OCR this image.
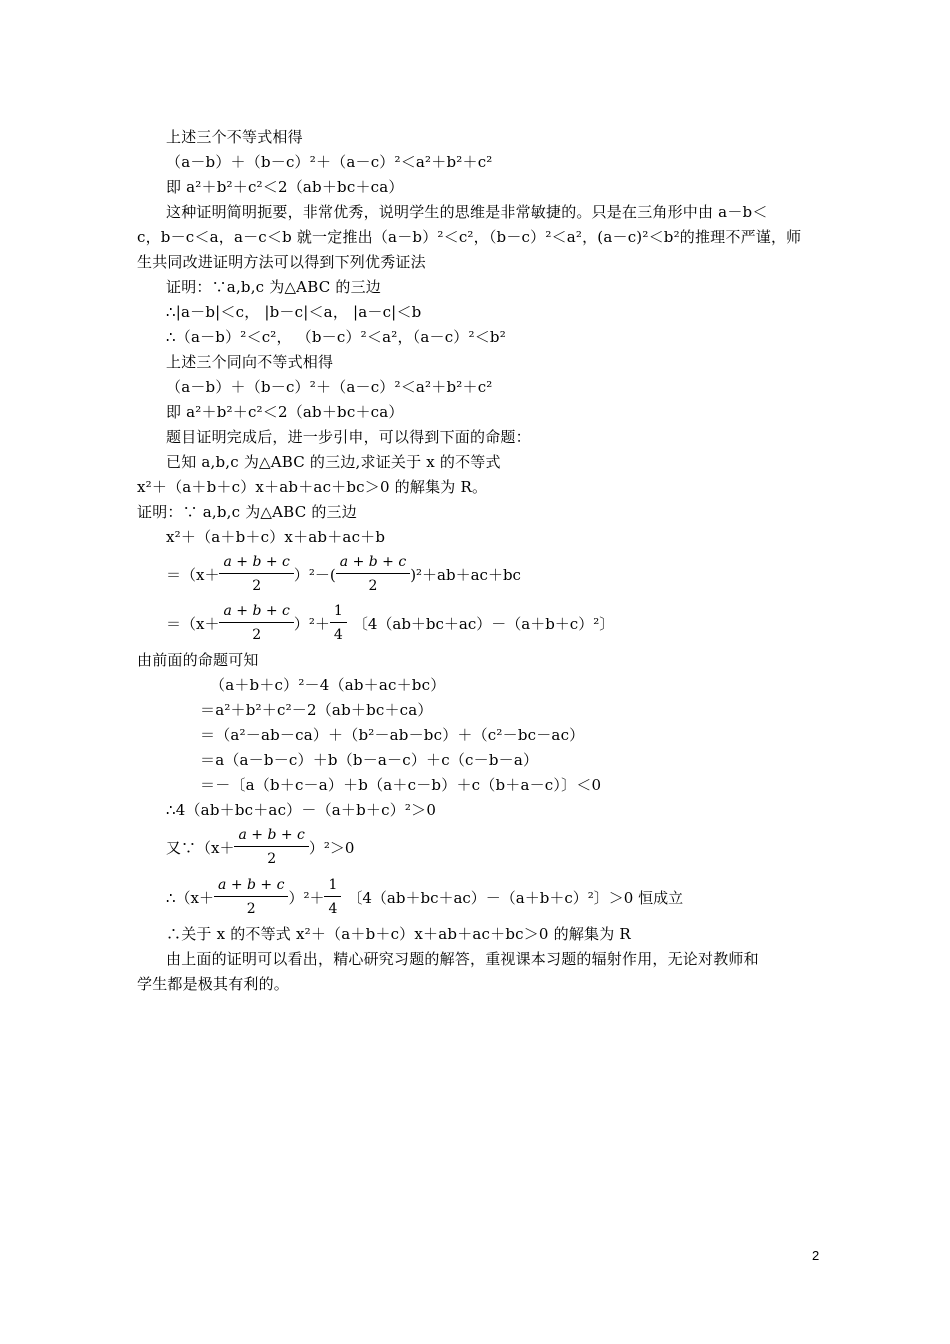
上述三个不等式相得
（a－b）＋（b－c）²＋（a－c）²＜a²＋b²＋c²
即 a²＋b²＋c²＜2（ab＋bc＋ca）
这种证明简明扼要，非常优秀，说明学生的思维是非常敏捷的。只是在三角形中由 a－b＜
c，b－c＜a，a－c＜b 就一定推出（a－b）²＜c²，（b－c）²＜a²，(a－c)²＜b²的推理不严谨，师
生共同改进证明方法可以得到下列优秀证法
证明：∵a,b,c 为△ABC 的三边
∴|a－b|＜c， |b－c|＜a， |a－c|＜b
∴（a－b）²＜c²， （b－c）²＜a²，（a－c）²＜b²
上述三个同向不等式相得
（a－b）＋（b－c）²＋（a－c）²＜a²＋b²＋c²
即 a²＋b²＋c²＜2（ab＋bc＋ca）
题目证明完成后，进一步引申，可以得到下面的命题：
已知 a,b,c 为△ABC 的三边,求证关于 x 的不等式
x²＋（a＋b＋c）x＋ab＋ac＋bc＞0 的解集为 R。
证明：∵ a,b,c 为△ABC 的三边
x²＋（a＋b＋c）x＋ab＋ac＋b
$=(x+ \frac{a + b + c}{2} )^2-( \frac{a + b + c}{2} )^2+ab+ac+bc$
$=(x+ \frac{a + b + c}{2} )^2+ \frac{1}{4}$ 〔4（ab＋bc＋ac）－（a＋b＋c）²〕
由前面的命题可知
（a＋b＋c）²－4（ab＋ac＋bc）
＝a²＋b²＋c²－2（ab＋bc＋ca）
＝（a²－ab－ca）＋（b²－ab－bc）＋（c²－bc－ac）
＝a（a－b－c）＋b（b－a－c）＋c（c－b－a）
＝－〔a（b＋c－a）＋b（a＋c－b）＋c（b＋a－c）〕＜0
∴4（ab＋bc＋ac）－（a＋b＋c）²＞0
又∵（x＋ $\frac{a + b + c}{2} )^2>0$
∴（x＋ $\frac{a + b + c}{2} )^2+ \frac{1}{4}$ 〔4（ab＋bc＋ac）－（a＋b＋c）²〕＞0 恒成立
∴关于 x 的不等式 x²＋（a＋b＋c）x＋ab＋ac＋bc＞0 的解集为 R
由上面的证明可以看出，精心研究习题的解答，重视课本习题的辐射作用，无论对教师和
学生都是极其有利的。
2
